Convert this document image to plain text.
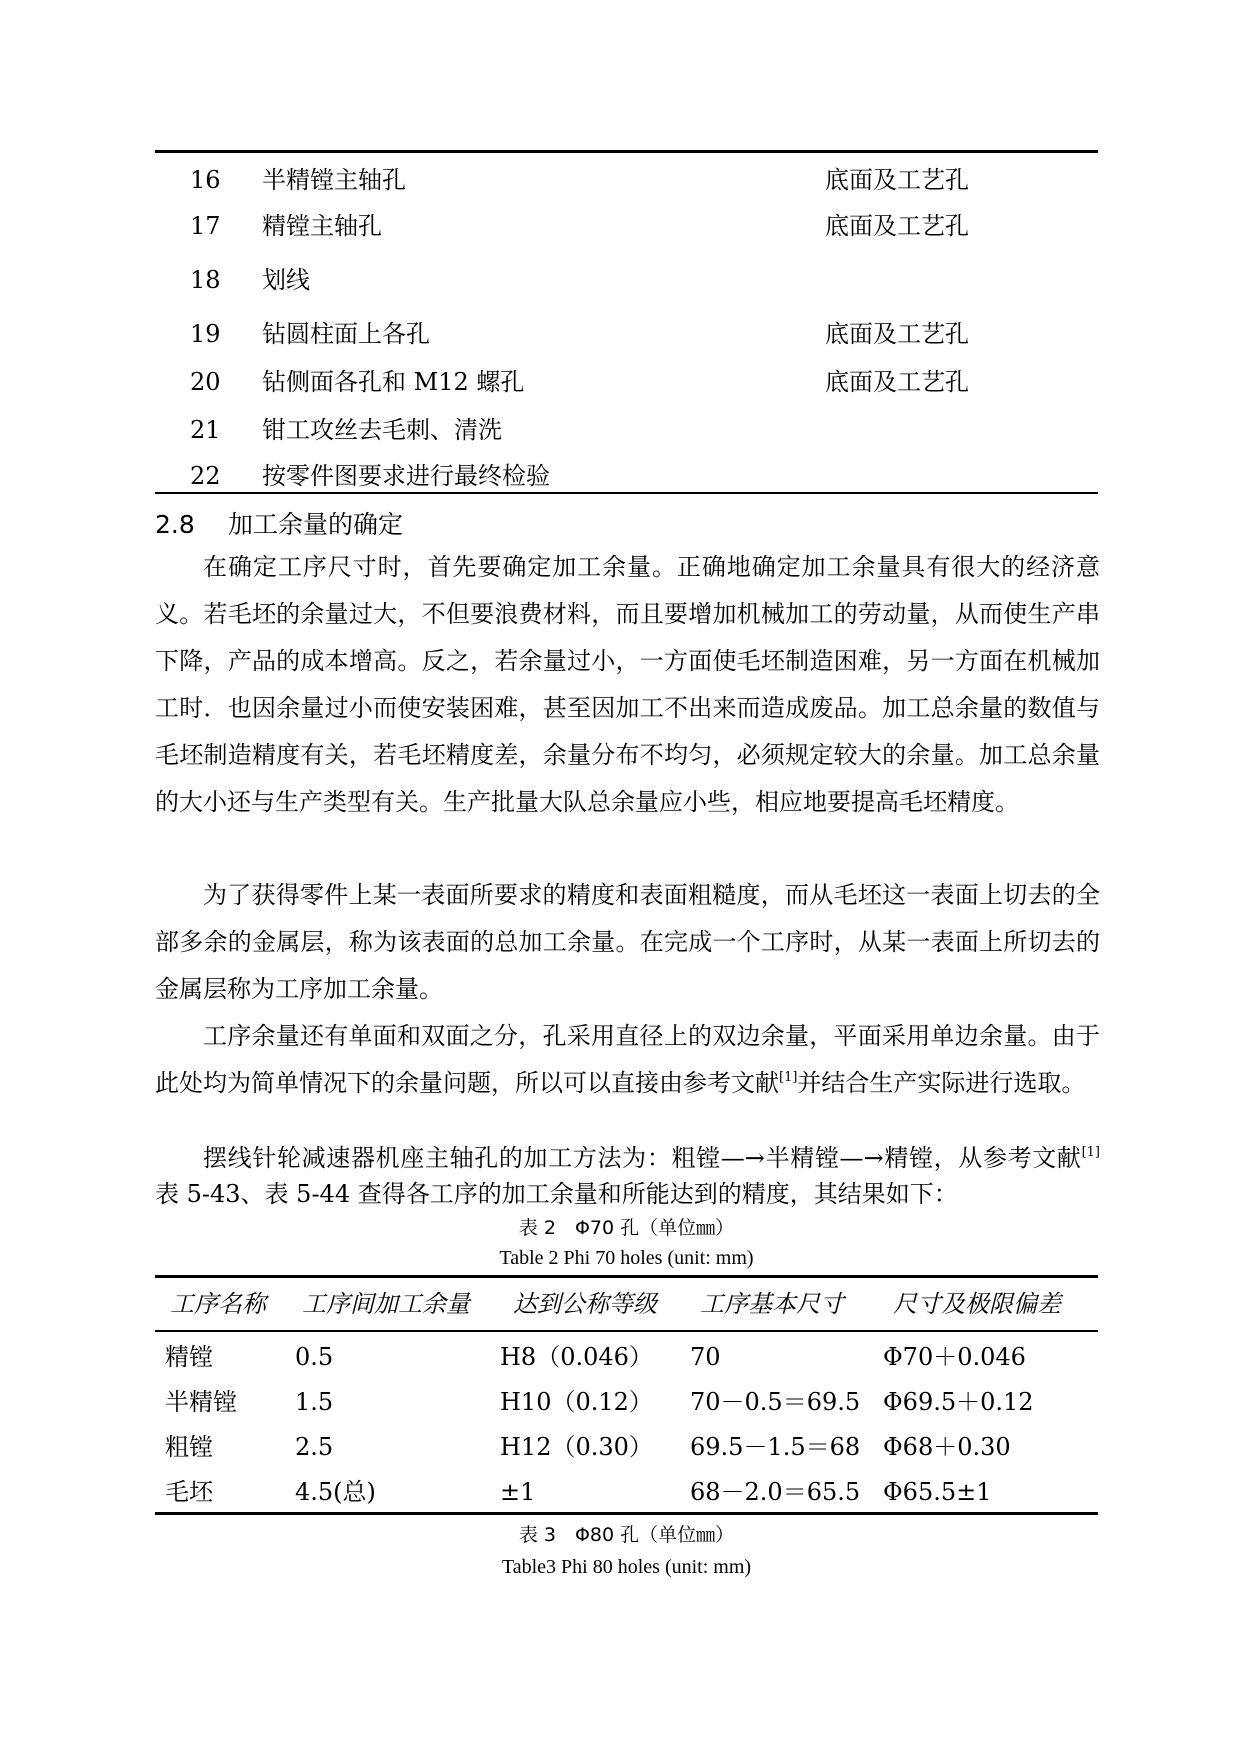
16	半精镗主轴孔	底面及工艺孔
17	精镗主轴孔	底面及工艺孔
18	划线
19	钻圆柱面上各孔	底面及工艺孔
20	钻侧面各孔和 M12 螺孔	底面及工艺孔
21	钳工攻丝去毛刺、清洗
22	按零件图要求进行最终检验
2.8 加工余量的确定

在确定工序尺寸时，首先要确定加工余量。正确地确定加工余量具有很大的经济意义。若毛坯的余量过大，不但要浪费材料，而且要增加机械加工的劳动量，从而使生产串下降，产品的成本增高。反之，若余量过小，一方面使毛坯制造困难，另一方面在机械加工时．也因余量过小而使安装困难，甚至因加工不出来而造成废品。加工总余量的数值与毛坯制造精度有关，若毛坯精度差，余量分布不均匀，必须规定较大的余量。加工总余量的大小还与生产类型有关。生产批量大队总余量应小些，相应地要提高毛坯精度。

为了获得零件上某一表面所要求的精度和表面粗糙度，而从毛坯这一表面上切去的全部多余的金属层，称为该表面的总加工余量。在完成一个工序时，从某一表面上所切去的金属层称为工序加工余量。

工序余量还有单面和双面之分，孔采用直径上的双边余量，平面采用单边余量。由于此处均为简单情况下的余量问题，所以可以直接由参考文献[1]并结合生产实际进行选取。

摆线针轮减速器机座主轴孔的加工方法为：粗镗—→半精镗—→精镗，从参考文献[1]表 5-43、表 5-44 查得各工序的加工余量和所能达到的精度，其结果如下：

表 2　Φ70 孔（单位㎜）
Table 2 Phi 70 holes (unit: mm)
工序名称 工序间加工余量 达到公称等级 工序基本尺寸 尺寸及极限偏差
精镗	0.5	H8（0.046） 70	Φ70＋0.046
半精镗 1.5	H10（0.12） 70－0.5＝69.5 Φ69.5＋0.12
粗镗	2.5	H12（0.30） 69.5－1.5＝68 Φ68＋0.30
毛坯	4.5(总)	±1	68－2.0＝65.5 Φ65.5±1
表 3　Φ80 孔（单位㎜）
Table3 Phi 80 holes (unit: mm)
